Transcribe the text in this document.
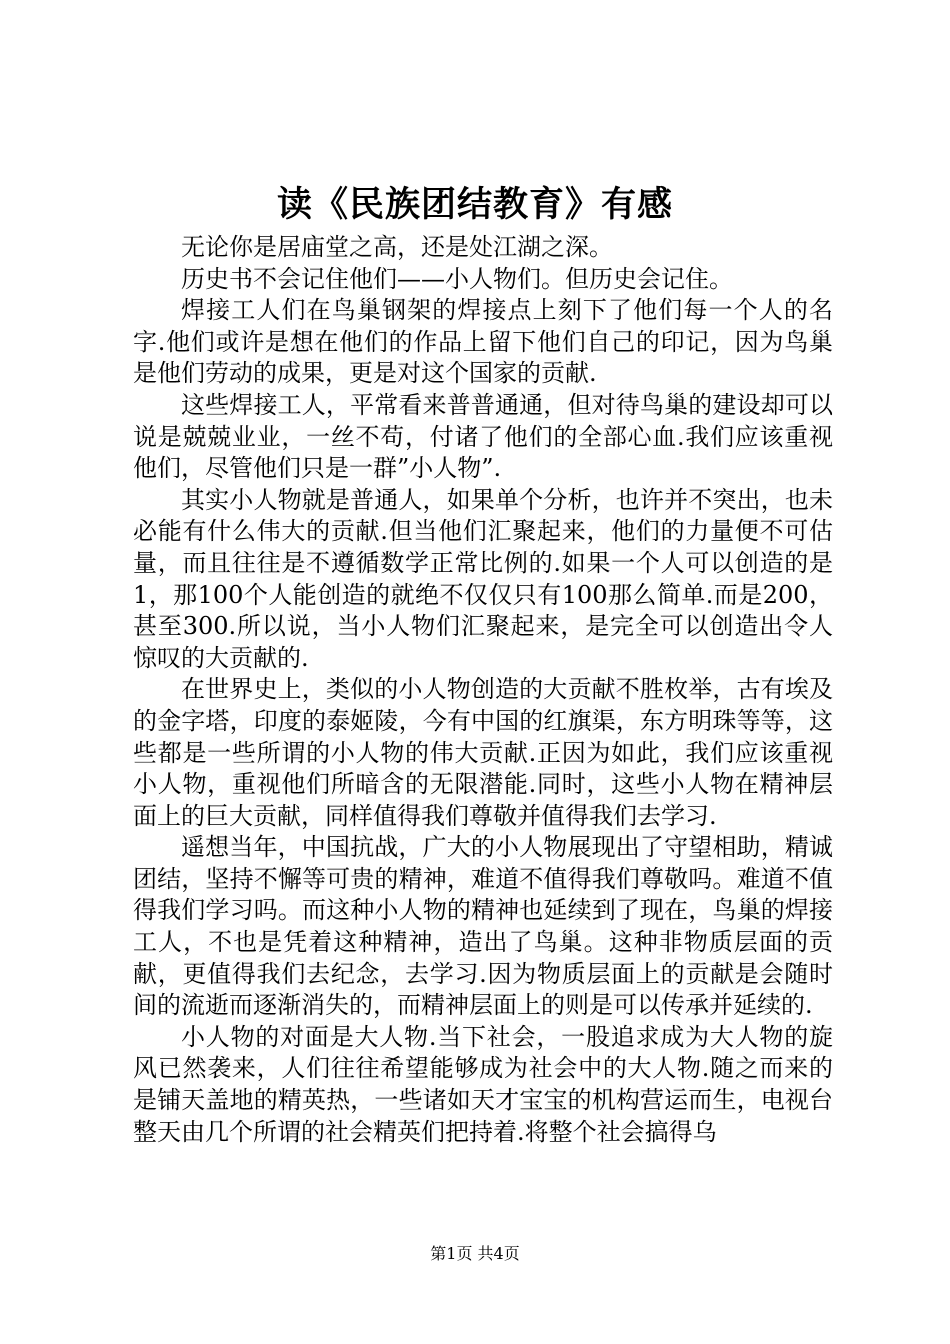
读《民族团结教育》有感

无论你是居庙堂之高，还是处江湖之深。

历史书不会记住他们——小人物们。但历史会记住。

焊接工人们在鸟巢钢架的焊接点上刻下了他们每一个人的名字.他们或许是想在他们的作品上留下他们自己的印记，因为鸟巢是他们劳动的成果，更是对这个国家的贡献.

这些焊接工人，平常看来普普通通，但对待鸟巢的建设却可以说是兢兢业业，一丝不苟，付诸了他们的全部心血.我们应该重视他们，尽管他们只是一群”小人物”.

其实小人物就是普通人，如果单个分析，也许并不突出，也未必能有什么伟大的贡献.但当他们汇聚起来，他们的力量便不可估量，而且往往是不遵循数学正常比例的.如果一个人可以创造的是1，那100个人能创造的就绝不仅仅只有100那么简单.而是200，甚至300.所以说，当小人物们汇聚起来，是完全可以创造出令人惊叹的大贡献的.

在世界史上，类似的小人物创造的大贡献不胜枚举，古有埃及的金字塔，印度的泰姬陵，今有中国的红旗渠，东方明珠等等，这些都是一些所谓的小人物的伟大贡献.正因为如此，我们应该重视小人物，重视他们所暗含的无限潜能.同时，这些小人物在精神层面上的巨大贡献，同样值得我们尊敬并值得我们去学习.

遥想当年，中国抗战，广大的小人物展现出了守望相助，精诚团结，坚持不懈等可贵的精神，难道不值得我们尊敬吗。难道不值得我们学习吗。而这种小人物的精神也延续到了现在，鸟巢的焊接工人，不也是凭着这种精神，造出了鸟巢。这种非物质层面的贡献，更值得我们去纪念，去学习.因为物质层面上的贡献是会随时间的流逝而逐渐消失的，而精神层面上的则是可以传承并延续的.

小人物的对面是大人物.当下社会，一股追求成为大人物的旋风已然袭来，人们往往希望能够成为社会中的大人物.随之而来的是铺天盖地的精英热，一些诸如天才宝宝的机构营运而生，电视台整天由几个所谓的社会精英们把持着.将整个社会搞得乌

第1页 共4页
